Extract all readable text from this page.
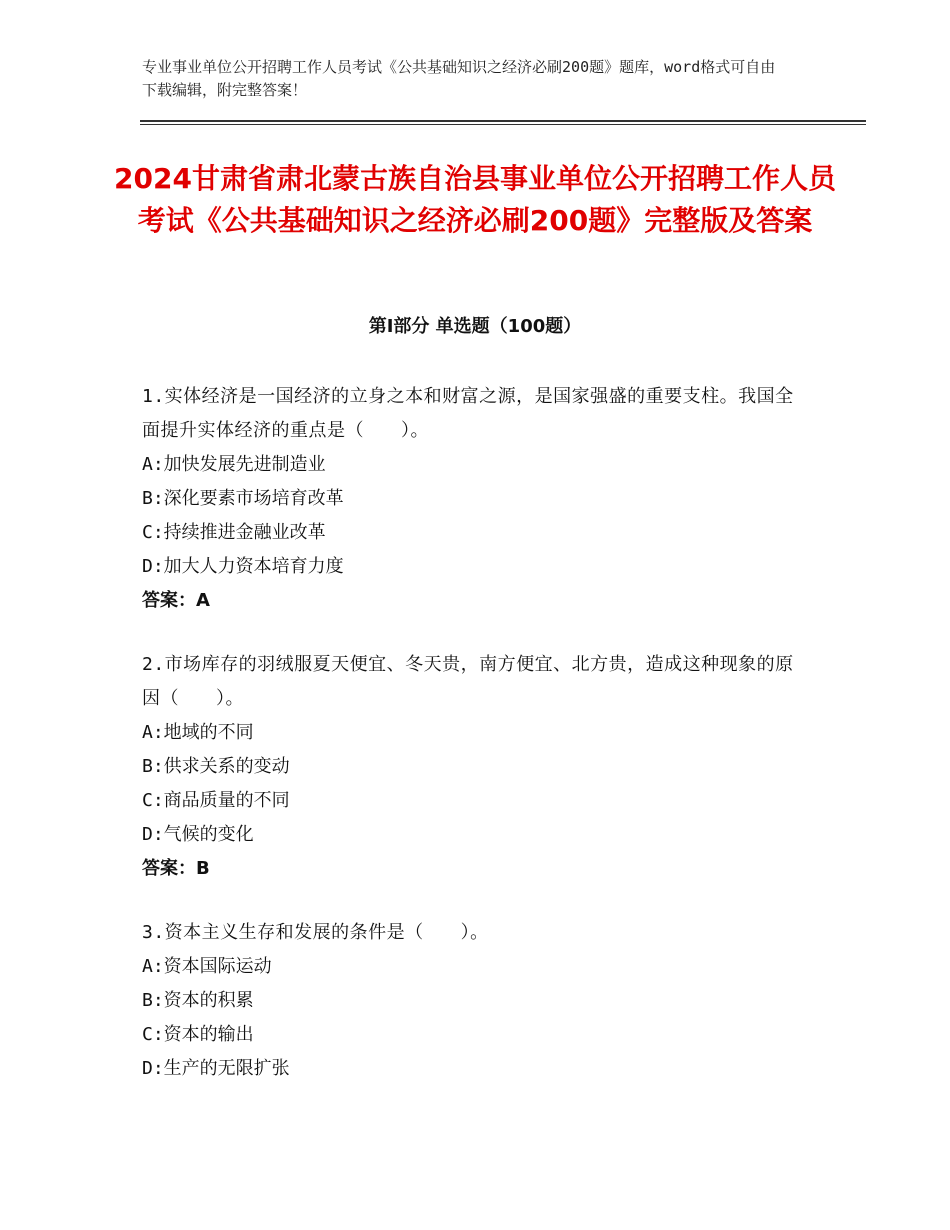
专业事业单位公开招聘工作人员考试《公共基础知识之经济必刷200题》题库，word格式可自由下载编辑，附完整答案！
2024甘肃省肃北蒙古族自治县事业单位公开招聘工作人员考试《公共基础知识之经济必刷200题》完整版及答案
第Ⅰ部分 单选题（100题）
1.实体经济是一国经济的立身之本和财富之源，是国家强盛的重要支柱。我国全面提升实体经济的重点是（　　）。
A:加快发展先进制造业
B:深化要素市场培育改革
C:持续推进金融业改革
D:加大人力资本培育力度
答案：A
2.市场库存的羽绒服夏天便宜、冬天贵，南方便宜、北方贵，造成这种现象的原因（　　）。
A:地域的不同
B:供求关系的变动
C:商品质量的不同
D:气候的变化
答案：B
3.资本主义生存和发展的条件是（　　）。
A:资本国际运动
B:资本的积累
C:资本的输出
D:生产的无限扩张
